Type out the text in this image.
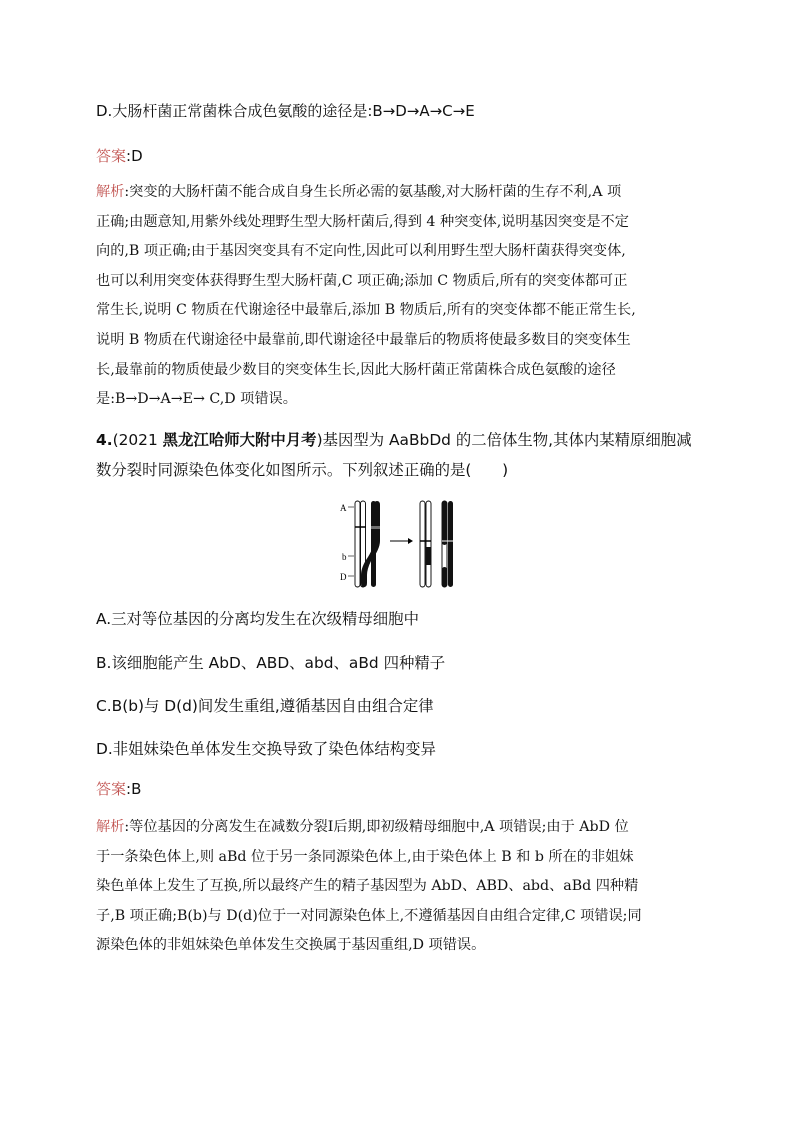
D.大肠杆菌正常菌株合成色氨酸的途径是:B→D→A→C→E
答案:D
解析:突变的大肠杆菌不能合成自身生长所必需的氨基酸,对大肠杆菌的生存不利,A 项
正确;由题意知,用紫外线处理野生型大肠杆菌后,得到 4 种突变体,说明基因突变是不定
向的,B 项正确;由于基因突变具有不定向性,因此可以利用野生型大肠杆菌获得突变体,
也可以利用突变体获得野生型大肠杆菌,C 项正确;添加 C 物质后,所有的突变体都可正
常生长,说明 C 物质在代谢途径中最靠后,添加 B 物质后,所有的突变体都不能正常生长,
说明 B 物质在代谢途径中最靠前,即代谢途径中最靠后的物质将使最多数目的突变体生
长,最靠前的物质使最少数目的突变体生长,因此大肠杆菌正常菌株合成色氨酸的途径
是:B→D→A→E→ C,D 项错误。
4.(2021 黑龙江哈师大附中月考)基因型为 AaBbDd 的二倍体生物,其体内某精原细胞减
数分裂时同源染色体变化如图所示。下列叙述正确的是(　　)
A
b
D
A.三对等位基因的分离均发生在次级精母细胞中
B.该细胞能产生 AbD、ABD、abd、aBd 四种精子
C.B(b)与 D(d)间发生重组,遵循基因自由组合定律
D.非姐妹染色单体发生交换导致了染色体结构变异
答案:B
解析:等位基因的分离发生在减数分裂Ⅰ后期,即初级精母细胞中,A 项错误;由于 AbD 位
于一条染色体上,则 aBd 位于另一条同源染色体上,由于染色体上 B 和 b 所在的非姐妹
染色单体上发生了互换,所以最终产生的精子基因型为 AbD、ABD、abd、aBd 四种精
子,B 项正确;B(b)与 D(d)位于一对同源染色体上,不遵循基因自由组合定律,C 项错误;同
源染色体的非姐妹染色单体发生交换属于基因重组,D 项错误。
